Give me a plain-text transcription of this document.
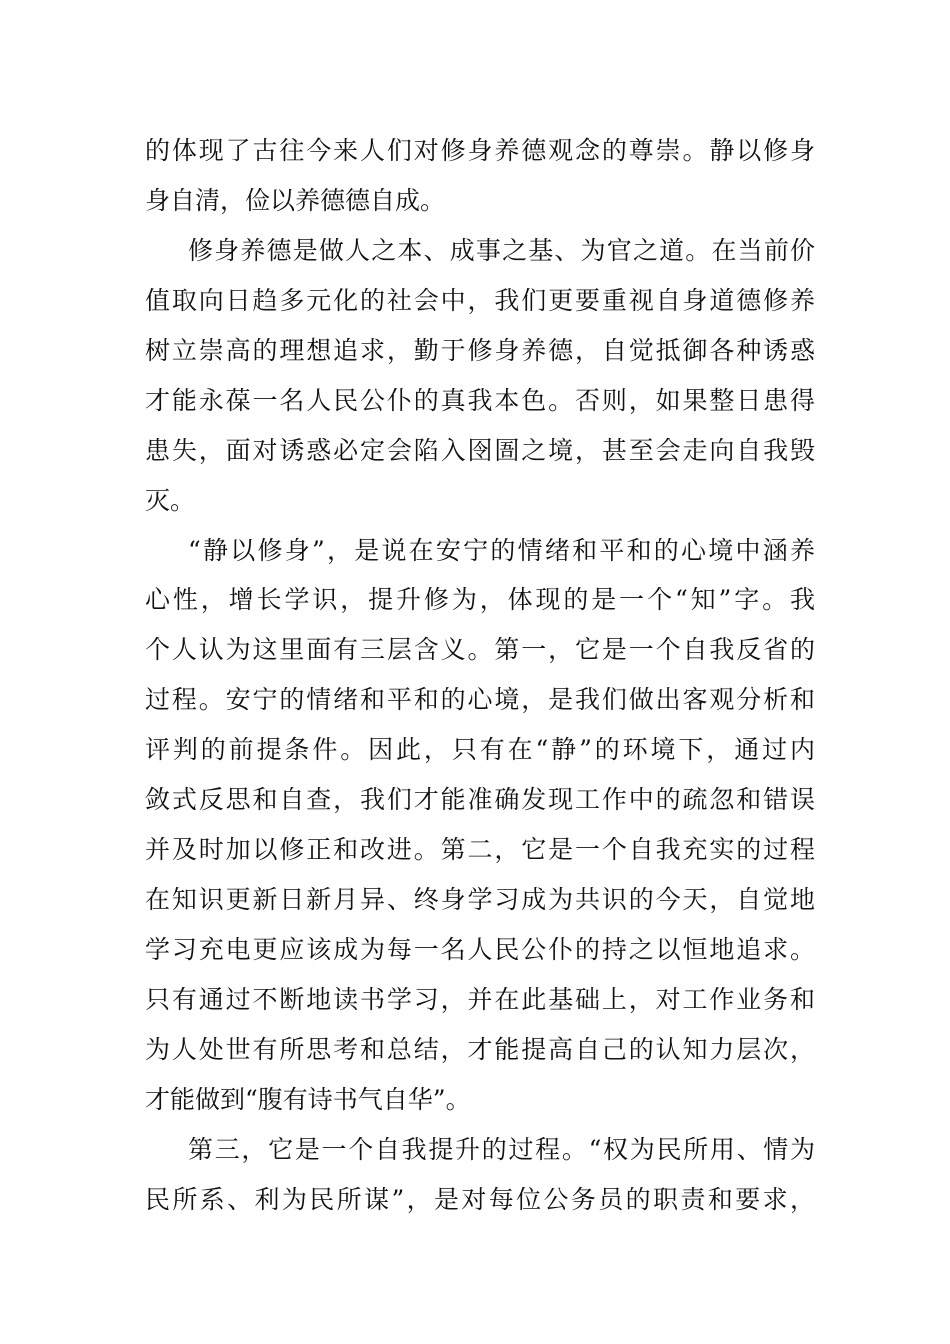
的体现了古往今来人们对修身养德观念的尊崇。静以修身
身自清，俭以养德德自成。
修身养德是做人之本、成事之基、为官之道。在当前价
值取向日趋多元化的社会中，我们更要重视自身道德修养
树立崇高的理想追求，勤于修身养德，自觉抵御各种诱惑
才能永葆一名人民公仆的真我本色。否则，如果整日患得
患失，面对诱惑必定会陷入囹圄之境，甚至会走向自我毁
灭。
“静以修身”，是说在安宁的情绪和平和的心境中涵养
心性，增长学识，提升修为，体现的是一个“知”字。我
个人认为这里面有三层含义。第一，它是一个自我反省的
过程。安宁的情绪和平和的心境，是我们做出客观分析和
评判的前提条件。因此，只有在“静”的环境下，通过内
敛式反思和自查，我们才能准确发现工作中的疏忽和错误
并及时加以修正和改进。第二，它是一个自我充实的过程
在知识更新日新月异、终身学习成为共识的今天，自觉地
学习充电更应该成为每一名人民公仆的持之以恒地追求。
只有通过不断地读书学习，并在此基础上，对工作业务和
为人处世有所思考和总结，才能提高自己的认知力层次，
才能做到“腹有诗书气自华”。
第三，它是一个自我提升的过程。“权为民所用、情为
民所系、利为民所谋”，是对每位公务员的职责和要求，
